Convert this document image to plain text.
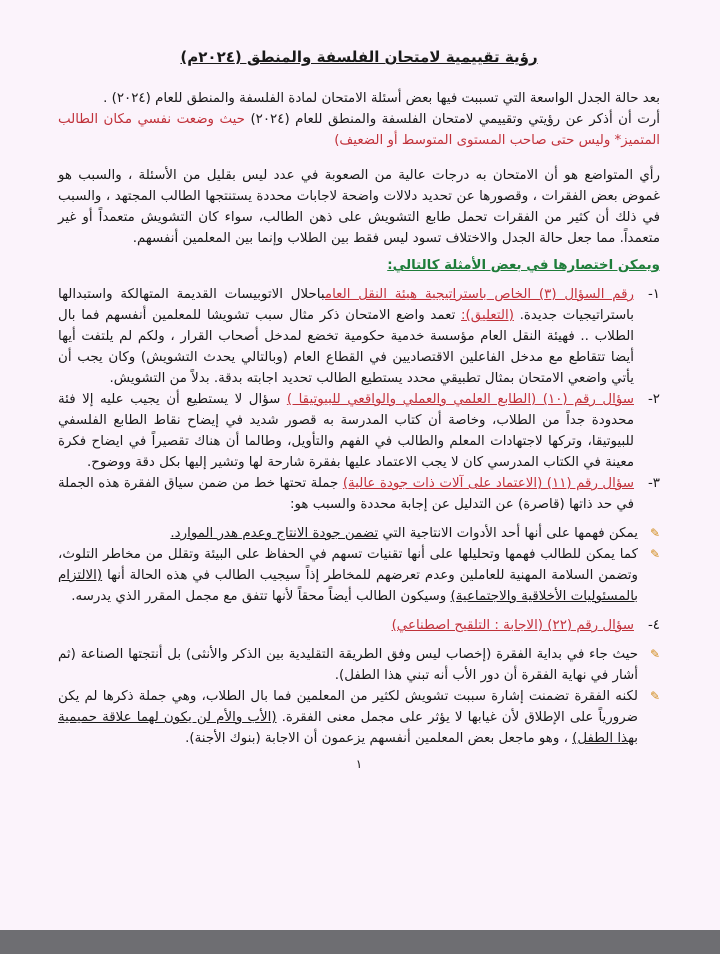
رؤية تقييمية لامتحان الفلسفة والمنطق (٢٠٢٤م)

بعد حالة الجدل الواسعة التي تسببت فيها بعض أسئلة الامتحان لمادة الفلسفة والمنطق للعام (٢٠٢٤) .

أرت أن أذكر عن رؤيتي وتقييمي لامتحان الفلسفة والمنطق للعام (٢٠٢٤) حيث وضعت نفسي مكان الطالب المتميز* وليس حتى صاحب المستوى المتوسط أو الضعيف)

رأي المتواضع هو أن الامتحان به درجات عالية من الصعوبة في عدد ليس بقليل من الأسئلة ، والسبب هو غموض بعض الفقرات ، وقصورها عن تحديد دلالات واضحة لاجابات محددة يستنتجها الطالب المجتهد ، والسبب في ذلك أن كثير من الفقرات تحمل طابع التشويش على ذهن الطالب، سواء كان التشويش متعمداً أو غير متعمداً. مما جعل حالة الجدل والاختلاف تسود ليس فقط بين الطلاب وإنما بين المعلمين أنفسهم.

ويمكن اختصارها في بعض الأمثلة كالتالي:
١-

رقم السؤال (٣) الخاص باستراتيجية هيئة النقل العامباحلال الاتوبيسات القديمة المتهالكة واستبدالها باستراتيجيات جديدة. (التعليق): تعمد واضع الامتحان ذكر مثال سبب تشويشا للمعلمين أنفسهم فما بال الطلاب .. فهيئة النقل العام مؤسسة خدمية حكومية تخضع لمدخل أصحاب القرار ، ولكم لم يلتفت أيها أيضا تتقاطع مع مدخل الفاعلين الاقتصاديين في القطاع العام (وبالتالي يحدث التشويش) وكان يجب أن يأتي واضعي الامتحان بمثال تطبيقي محدد يستطيع الطالب تحديد اجابته بدقة. بدلاً من التشويش.

٢-

سؤال رقم (١٠) (الطابع العلمي والعملي والواقعي للبيوتيقا ) سؤال لا يستطيع أن يجيب عليه إلا فئة محدودة جداً من الطلاب، وخاصة أن كتاب المدرسة به قصور شديد في إيضاح نقاط الطابع الفلسفي للبيوتيقا، وتركها لاجتهادات المعلم والطالب في الفهم والتأويل، وطالما أن هناك تقصيراً في ايضاح فكرة معينة في الكتاب المدرسي كان لا يجب الاعتماد عليها بفقرة شارحة لها وتشير إليها بكل دقة ووضوح.

٣-

سؤال رقم (١١) (الاعتماد على آلات ذات جودة عالية) جملة تحتها خط من ضمن سياق الفقرة هذه الجملة في حد ذاتها (قاصرة) عن التدليل عن إجابة محددة والسبب هو:

✎

يمكن فهمها على أنها أحد الأدوات الانتاجية التي تضمن جودة الانتاج وعدم هدر الموارد.

✎

كما يمكن للطالب فهمها وتحليلها على أنها تقنيات تسهم في الحفاظ على البيئة وتقلل من مخاطر التلوث، وتضمن السلامة المهنية للعاملين وعدم تعرضهم للمخاطر إذاً سيجيب الطالب في هذه الحالة أنها (الالتزام بالمسئوليات الأخلاقية والاجتماعية) وسيكون الطالب أيضاً محقاً لأنها تتفق مع مجمل المقرر الذي يدرسه.

٤-

سؤال رقم (٢٢) (الاجابة : التلقيح اصطناعي)

✎

حيث جاء في بداية الفقرة (إخصاب ليس وفق الطريقة التقليدية بين الذكر والأنثى) بل أنتجتها الصناعة (ثم أشار في نهاية الفقرة أن دور الأب أنه تبني هذا الطفل).

✎

لكنه الفقرة تضمنت إشارة سببت تشويش لكثير من المعلمين فما بال الطلاب، وهي جملة ذكرها لم يكن ضرورياً على الإطلاق لأن غيابها لا يؤثر على مجمل معنى الفقرة. (الأب والأم لن يكون لهما علاقة حميمية بهذا الطفل) ، وهو ماجعل بعض المعلمين أنفسهم يزعمون أن الاجابة (بنوك الأجنة).

١
